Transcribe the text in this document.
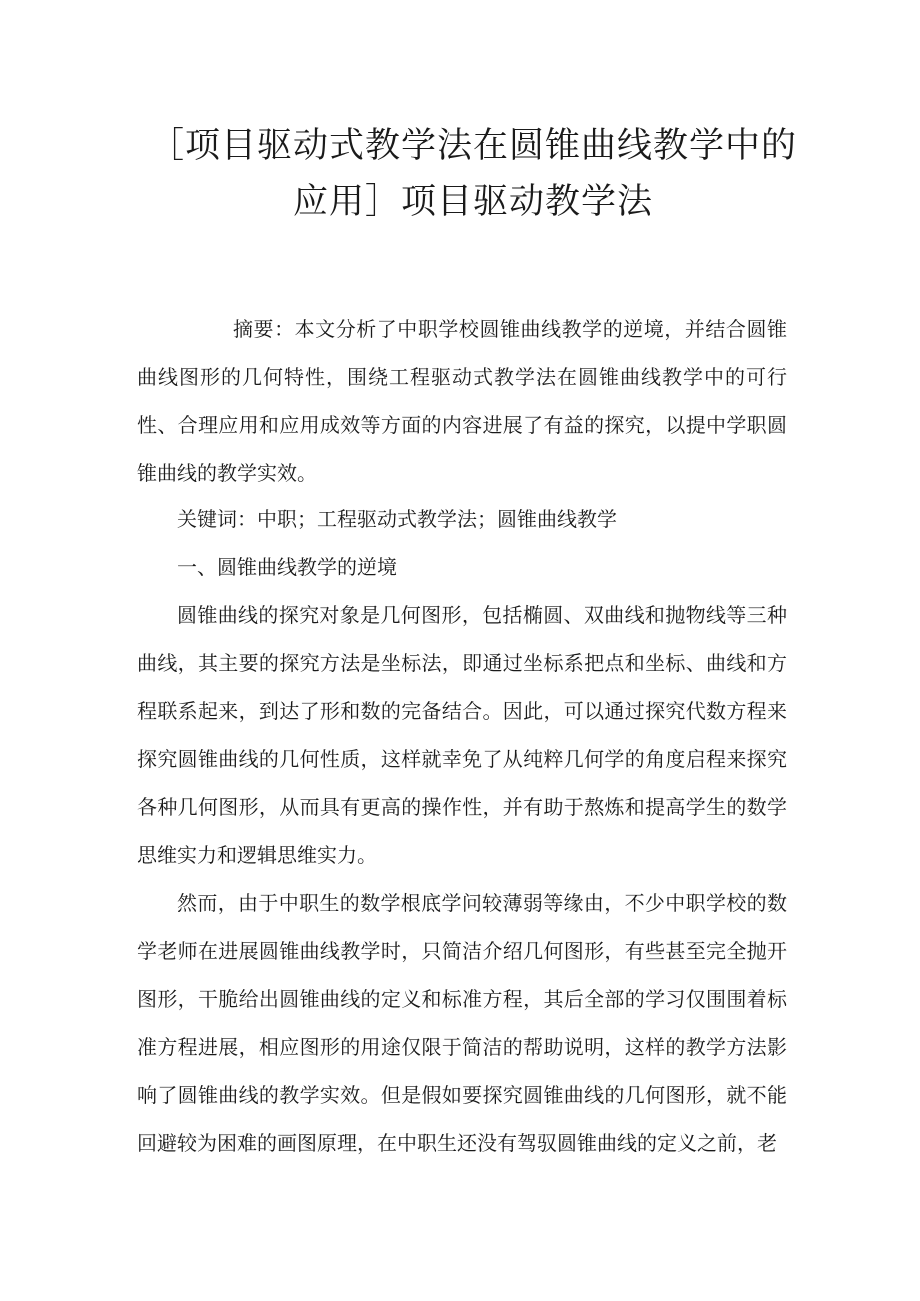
［项目驱动式教学法在圆锥曲线教学中的应用］项目驱动教学法

摘要：本文分析了中职学校圆锥曲线教学的逆境，并结合圆锥曲线图形的几何特性，围绕工程驱动式教学法在圆锥曲线教学中的可行性、合理应用和应用成效等方面的内容进展了有益的探究，以提中学职圆锥曲线的教学实效。

关键词：中职；工程驱动式教学法；圆锥曲线教学

一、圆锥曲线教学的逆境

圆锥曲线的探究对象是几何图形，包括椭圆、双曲线和抛物线等三种曲线，其主要的探究方法是坐标法，即通过坐标系把点和坐标、曲线和方程联系起来，到达了形和数的完备结合。因此，可以通过探究代数方程来探究圆锥曲线的几何性质，这样就幸免了从纯粹几何学的角度启程来探究各种几何图形，从而具有更高的操作性，并有助于熬炼和提高学生的数学思维实力和逻辑思维实力。

然而，由于中职生的数学根底学问较薄弱等缘由，不少中职学校的数学老师在进展圆锥曲线教学时，只简洁介绍几何图形，有些甚至完全抛开图形，干脆给出圆锥曲线的定义和标准方程，其后全部的学习仅围围着标准方程进展，相应图形的用途仅限于简洁的帮助说明，这样的教学方法影响了圆锥曲线的教学实效。但是假如要探究圆锥曲线的几何图形，就不能回避较为困难的画图原理，在中职生还没有驾驭圆锥曲线的定义之前，老
